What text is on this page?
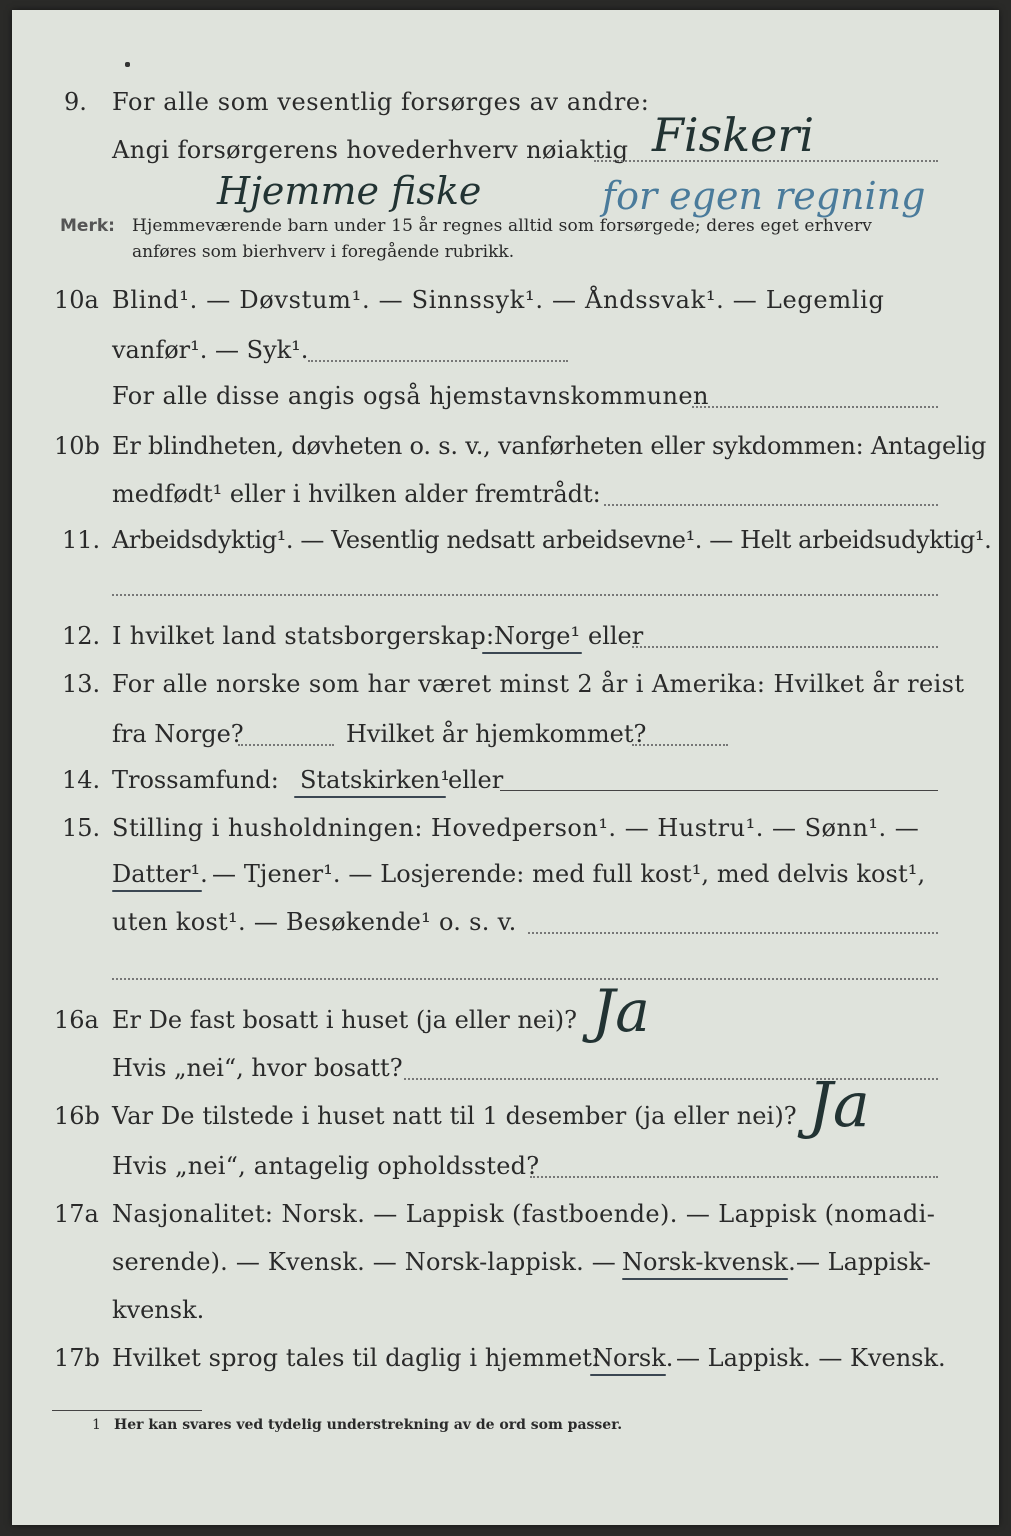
9. For alle som vesentlig forsørges av andre:
Angi forsørgerens hovederhverv nøiaktig Fiskeri
Hjemme fiske	for egen regning
Merk: Hjemmeværende barn under 15 år regnes alltid som forsørgede; deres eget erhverv
anføres som bierhverv i foregående rubrikk.
10a Blind¹. — Døvstum¹. — Sinnssyk¹. — Åndssvak¹. — Legemlig
vanfør¹. — Syk¹.
For alle disse angis også hjemstavnskommunen
10b Er blindheten, døvheten o. s. v., vanførheten eller sykdommen: Antagelig
medfødt¹ eller i hvilken alder fremtrådt:
11. Arbeidsdyktig¹. — Vesentlig nedsatt arbeidsevne¹. — Helt arbeidsudyktig¹.
12. I hvilket land statsborgerskap: Norge¹ eller
13. For alle norske som har været minst 2 år i Amerika: Hvilket år reist
fra Norge?	Hvilket år hjemkommet?
14. Trossamfund: Statskirken¹
eller
15. Stilling i husholdningen: Hovedperson¹. — Hustru¹. — Sønn¹. —
Datter¹. — Tjener¹. — Losjerende: med full kost¹, med delvis kost¹,
uten kost¹. — Besøkende¹ o. s. v.
16a Er De fast bosatt i huset (ja eller nei)? Ja
Hvis „nei“, hvor bosatt?
16b Var De tilstede i huset natt til 1 desember (ja eller nei)? Ja
Hvis „nei“, antagelig opholdssted?
17a Nasjonalitet: Norsk. — Lappisk (fastboende). — Lappisk (nomadi-
serende). — Kvensk. — Norsk-lappisk. — Norsk-kvensk. — Lappisk-
kvensk.
17b Hvilket sprog tales til daglig i hjemmet:
Norsk. — Lappisk. — Kvensk.
1 Her kan svares ved tydelig understrekning av de ord som passer.
